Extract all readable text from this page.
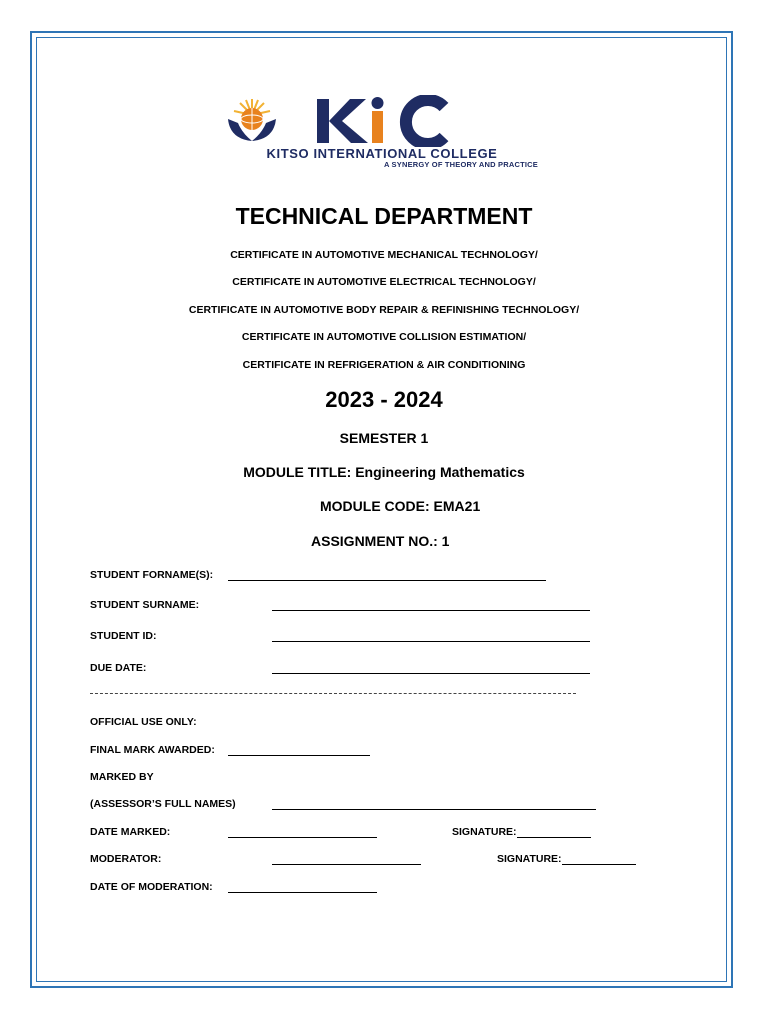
KITSO INTERNATIONAL COLLEGE
A SYNERGY OF THEORY AND PRACTICE
TECHNICAL DEPARTMENT
CERTIFICATE IN AUTOMOTIVE MECHANICAL TECHNOLOGY/
CERTIFICATE IN AUTOMOTIVE ELECTRICAL TECHNOLOGY/
CERTIFICATE IN AUTOMOTIVE BODY REPAIR & REFINISHING TECHNOLOGY/
CERTIFICATE IN AUTOMOTIVE COLLISION ESTIMATION/
CERTIFICATE IN REFRIGERATION & AIR CONDITIONING
2023 - 2024
SEMESTER 1
MODULE TITLE: Engineering Mathematics
MODULE CODE: EMA21
ASSIGNMENT NO.: 1
STUDENT FORNAME(S):
STUDENT SURNAME:
STUDENT ID:
DUE DATE:
OFFICIAL USE ONLY:
FINAL MARK AWARDED:
MARKED BY
(ASSESSOR’S FULL NAMES)
DATE MARKED:	SIGNATURE:
MODERATOR:	SIGNATURE:
DATE OF MODERATION:
